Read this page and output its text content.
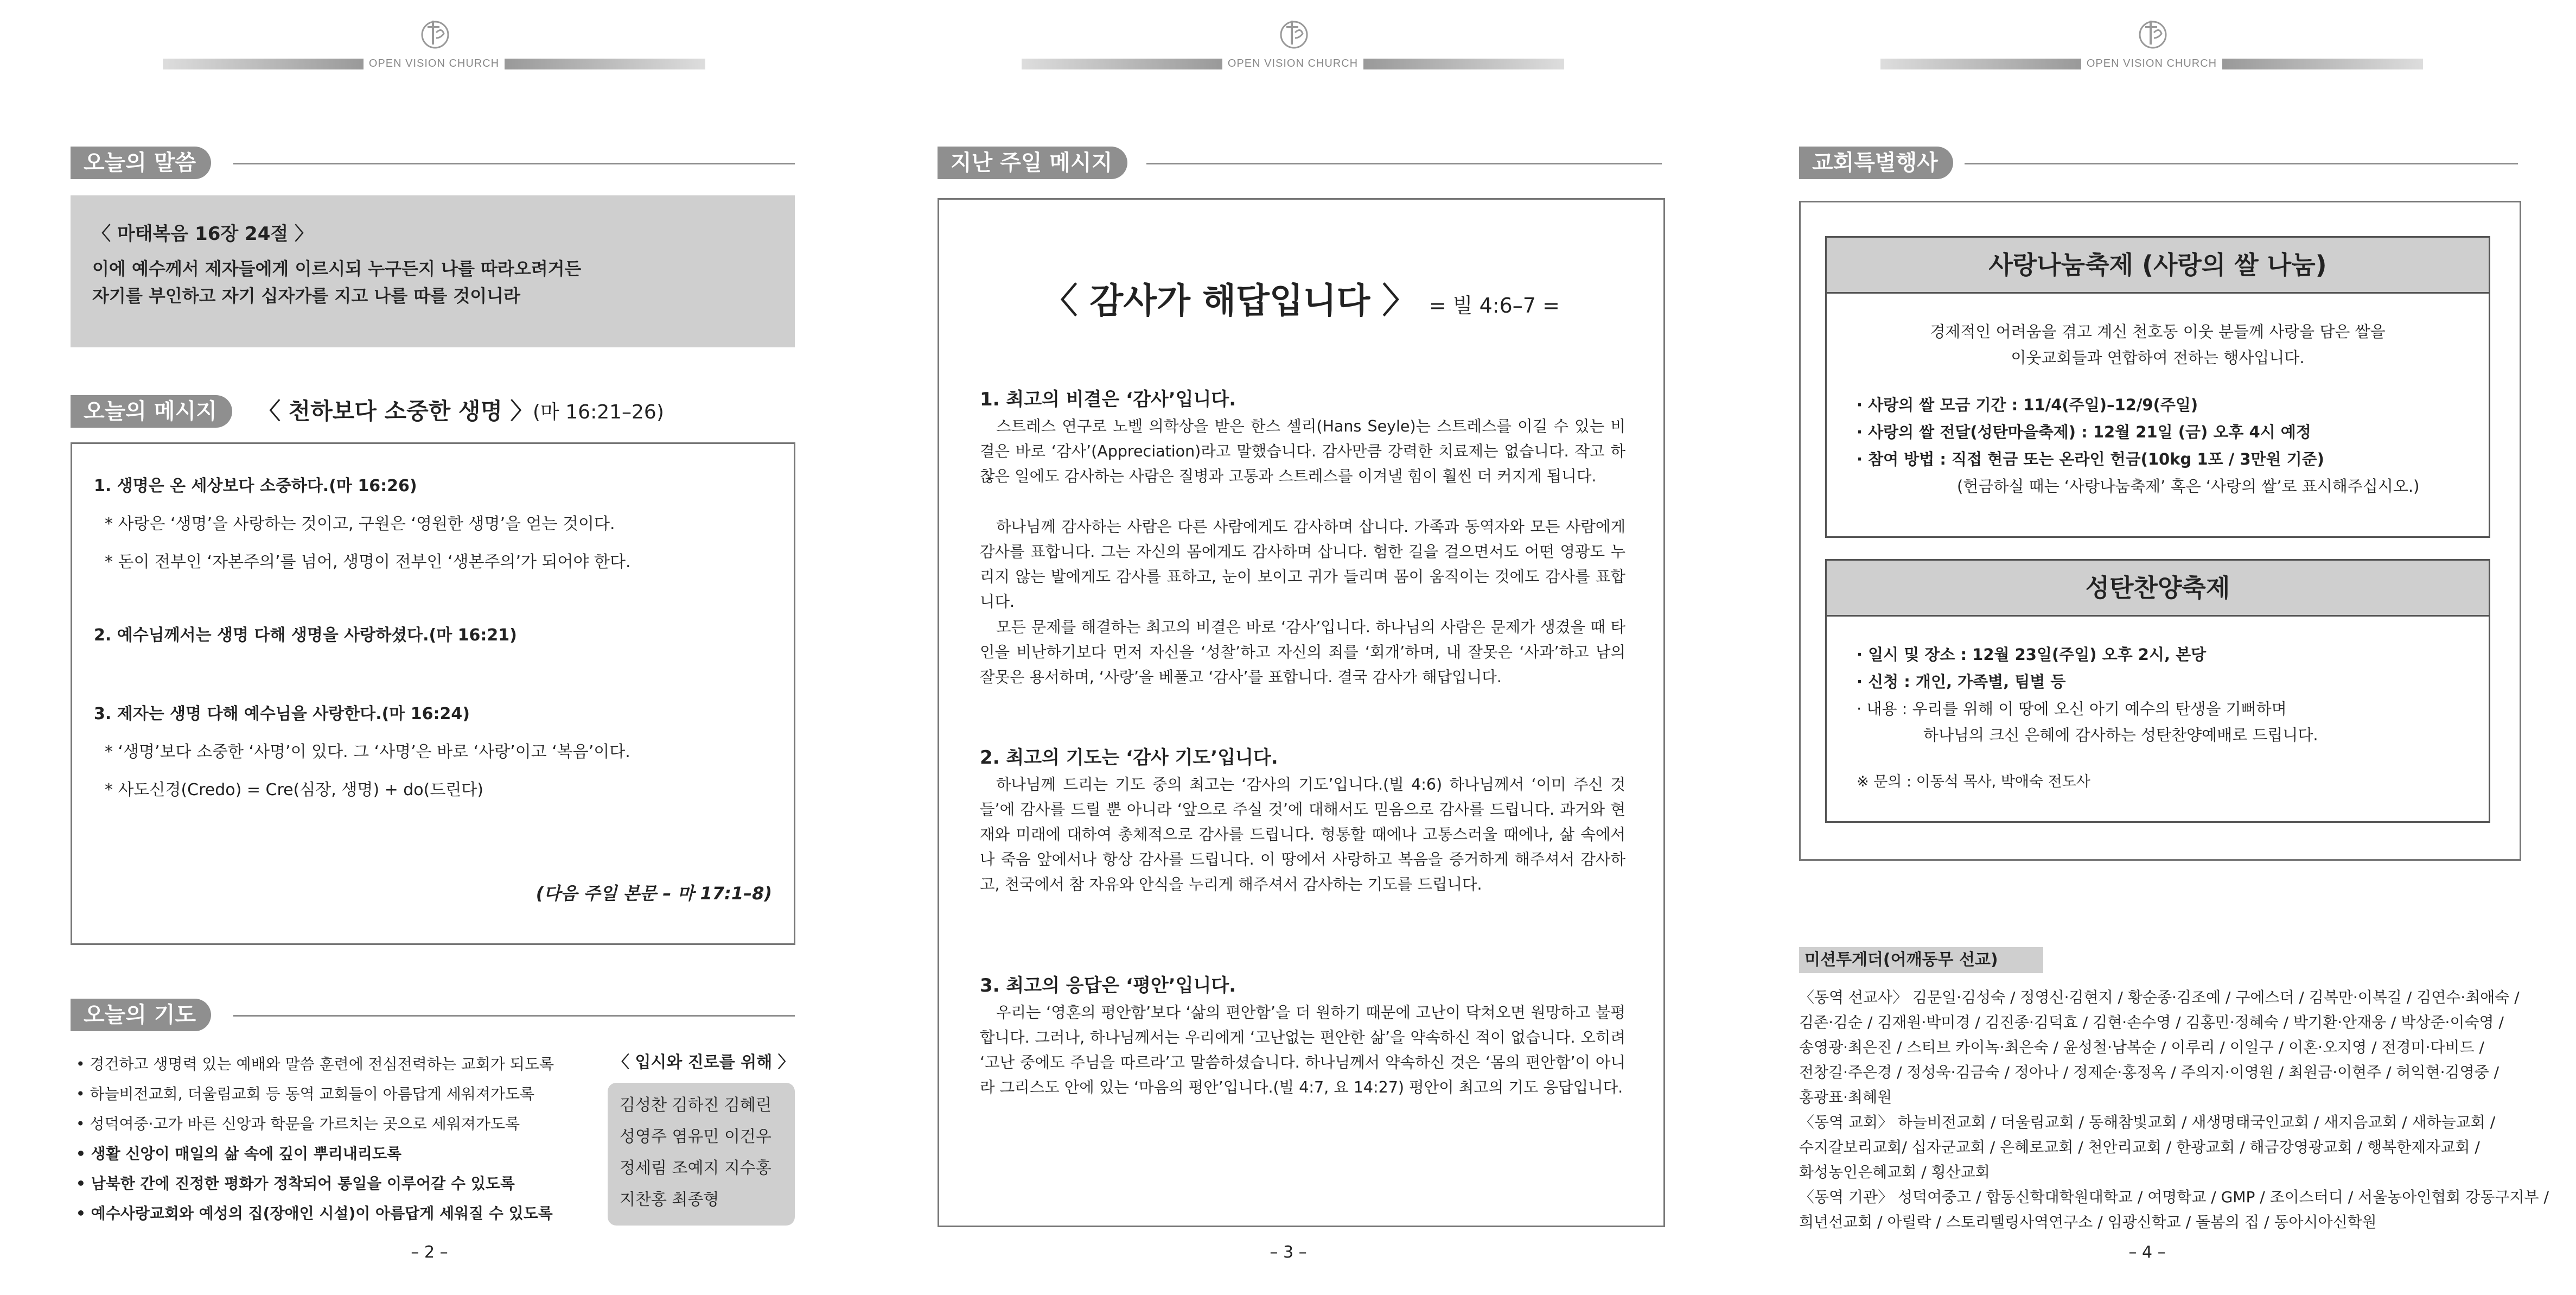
OPEN VISION CHURCH
오늘의 말씀
〈 마태복음 16장 24절 〉
이에 예수께서 제자들에게 이르시되 누구든지 나를 따라오려거든
자기를 부인하고 자기 십자가를 지고 나를 따를 것이니라
오늘의 메시지	〈 천하보다 소중한 생명 〉 (마 16:21–26)
1. 생명은 온 세상보다 소중하다.(마 16:26)
* 사랑은 ‘생명’을 사랑하는 것이고, 구원은 ‘영원한 생명’을 얻는 것이다.
* 돈이 전부인 ‘자본주의’를 넘어, 생명이 전부인 ‘생본주의’가 되어야 한다.
2. 예수님께서는 생명 다해 생명을 사랑하셨다.(마 16:21)
3. 제자는 생명 다해 예수님을 사랑한다.(마 16:24)
* ‘생명’보다 소중한 ‘사명’이 있다. 그 ‘사명’은 바로 ‘사랑’이고 ‘복음’이다.
* 사도신경(Credo) = Cre(심장, 생명) + do(드린다)
(다음 주일 본문 – 마 17:1–8)
오늘의 기도
• 경건하고 생명력 있는 예배와 말씀 훈련에 전심전력하는 교회가 되도록
• 하늘비전교회, 더울림교회 등 동역 교회들이 아름답게 세워져가도록
• 성덕여중·고가 바른 신앙과 학문을 가르치는 곳으로 세워져가도록
• 생활 신앙이 매일의 삶 속에 깊이 뿌리내리도록
• 남북한 간에 진정한 평화가 정착되어 통일을 이루어갈 수 있도록
• 예수사랑교회와 예성의 집(장애인 시설)이 아름답게 세워질 수 있도록
〈 입시와 진로를 위해 〉
김성찬 김하진 김혜린
성영주 염유민 이건우
정세림 조예지 지수홍
지찬홍 최종형
– 2 –
OPEN VISION CHURCH
지난 주일 메시지
〈 감사가 해답입니다 〉 = 빌 4:6–7 =
1. 최고의 비결은 ‘감사’입니다.
스트레스 연구로 노벨 의학상을 받은 한스 셀리(Hans Seyle)는 스트레스를 이길 수 있는 비결은 바로 ‘감사’(Appreciation)라고 말했습니다. 감사만큼 강력한 치료제는 없습니다. 작고 하찮은 일에도 감사하는 사람은 질병과 고통과 스트레스를 이겨낼 힘이 훨씬 더 커지게 됩니다.
하나님께 감사하는 사람은 다른 사람에게도 감사하며 삽니다. 가족과 동역자와 모든 사람에게 감사를 표합니다. 그는 자신의 몸에게도 감사하며 삽니다. 험한 길을 걸으면서도 어떤 영광도 누리지 않는 발에게도 감사를 표하고, 눈이 보이고 귀가 들리며 몸이 움직이는 것에도 감사를 표합니다.
모든 문제를 해결하는 최고의 비결은 바로 ‘감사’입니다. 하나님의 사람은 문제가 생겼을 때 타인을 비난하기보다 먼저 자신을 ‘성찰’하고 자신의 죄를 ‘회개’하며, 내 잘못은 ‘사과’하고 남의 잘못은 용서하며, ‘사랑’을 베풀고 ‘감사’를 표합니다. 결국 감사가 해답입니다.
2. 최고의 기도는 ‘감사 기도’입니다.
하나님께 드리는 기도 중의 최고는 ‘감사의 기도’입니다.(빌 4:6) 하나님께서 ‘이미 주신 것들’에 감사를 드릴 뿐 아니라 ‘앞으로 주실 것’에 대해서도 믿음으로 감사를 드립니다. 과거와 현재와 미래에 대하여 총체적으로 감사를 드립니다. 형통할 때에나 고통스러울 때에나, 삶 속에서나 죽음 앞에서나 항상 감사를 드립니다. 이 땅에서 사랑하고 복음을 증거하게 해주셔서 감사하고, 천국에서 참 자유와 안식을 누리게 해주셔서 감사하는 기도를 드립니다.
3. 최고의 응답은 ‘평안’입니다.
우리는 ‘영혼의 평안함’보다 ‘삶의 편안함’을 더 원하기 때문에 고난이 닥쳐오면 원망하고 불평합니다. 그러나, 하나님께서는 우리에게 ‘고난없는 편안한 삶’을 약속하신 적이 없습니다. 오히려 ‘고난 중에도 주님을 따르라’고 말씀하셨습니다. 하나님께서 약속하신 것은 ‘몸의 편안함’이 아니라 그리스도 안에 있는 ‘마음의 평안’입니다.(빌 4:7, 요 14:27) 평안이 최고의 기도 응답입니다.
– 3 –
OPEN VISION CHURCH
교회특별행사
사랑나눔축제 (사랑의 쌀 나눔)
경제적인 어려움을 겪고 계신 천호동 이웃 분들께 사랑을 담은 쌀을
이웃교회들과 연합하여 전하는 행사입니다.
· 사랑의 쌀 모금 기간 : 11/4(주일)–12/9(주일)
· 사랑의 쌀 전달(성탄마을축제) : 12월 21일 (금) 오후 4시 예정
· 참여 방법 : 직접 현금 또는 온라인 헌금(10kg 1포 / 3만원 기준)
(헌금하실 때는 ‘사랑나눔축제’ 혹은 ‘사랑의 쌀’로 표시해주십시오.)
성탄찬양축제
· 일시 및 장소 : 12월 23일(주일) 오후 2시, 본당
· 신청 : 개인, 가족별, 팀별 등
· 내용 : 우리를 위해 이 땅에 오신 아기 예수의 탄생을 기뻐하며
하나님의 크신 은혜에 감사하는 성탄찬양예배로 드립니다.
※ 문의 : 이동석 목사, 박애숙 전도사
미션투게더(어깨동무 선교)
〈동역 선교사〉 김문일·김성숙 / 정영신·김현지 / 황순종·김조예 / 구에스더 / 김복만·이복길 / 김연수·최애숙 /
김존·김순 / 김재원·박미경 / 김진종·김덕효 / 김현·손수영 / 김홍민·정혜숙 / 박기환·안재웅 / 박상준·이숙영 /
송영광·최은진 / 스티브 카이녹·최은숙 / 윤성철·남복순 / 이루리 / 이일구 / 이혼·오지영 / 전경미·다비드 /
전창길·주은경 / 정성욱·김금숙 / 정아나 / 정제순·홍정옥 / 주의지·이영원 / 최원금·이현주 / 허익현·김영중 /
홍광표·최혜원
〈동역 교회〉 하늘비전교회 / 더울림교회 / 동해참빛교회 / 새생명태국인교회 / 새지음교회 / 새하늘교회 /
수지갈보리교회/ 십자군교회 / 은혜로교회 / 천안리교회 / 한광교회 / 해금강영광교회 / 행복한제자교회 /
화성농인은혜교회 / 횡산교회
〈동역 기관〉 성덕여중고 / 합동신학대학원대학교 / 여명학교 / GMP / 조이스터디 / 서울농아인협회 강동구지부 /
희년선교회 / 아릴락 / 스토리텔링사역연구소 / 임광신학교 / 돌봄의 집 / 동아시아신학원
– 4 –
